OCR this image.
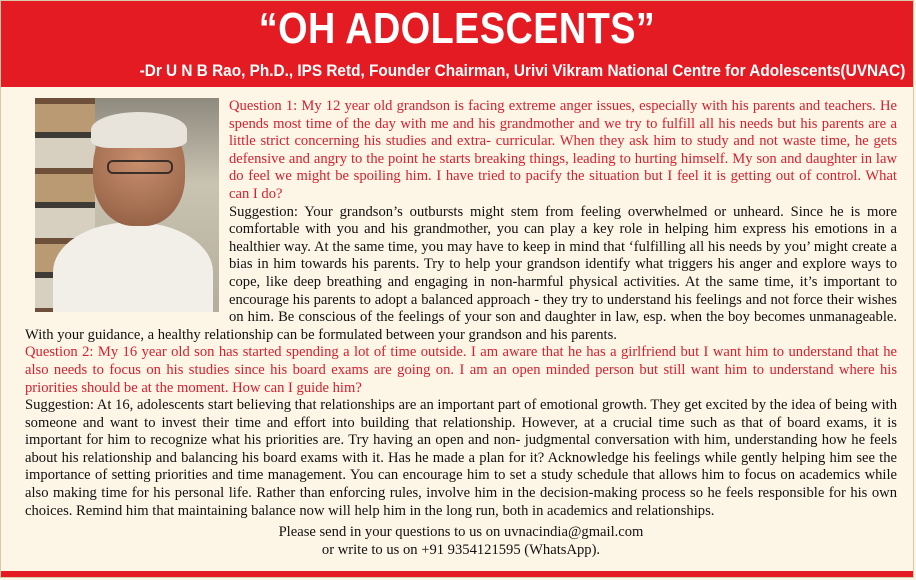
“OH ADOLESCENTS”
-Dr U N B Rao, Ph.D., IPS Retd, Founder Chairman, Urivi Vikram National Centre for Adolescents(UVNAC)
Question 1: My 12 year old grandson is facing extreme anger issues, especially with his parents and teachers. He spends most time of the day with me and his grandmother and we try to fulfill all his needs but his parents are a little strict concerning his studies and extra- curricular. When they ask him to study and not waste time, he gets defensive and angry to the point he starts breaking things, leading to hurting himself. My son and daughter in law do feel we might be spoiling him. I have tried to pacify the situation but I feel it is getting out of control. What can I do?
Suggestion: Your grandson’s outbursts might stem from feeling overwhelmed or unheard. Since he is more comfortable with you and his grandmother, you can play a key role in helping him express his emotions in a healthier way. At the same time, you may have to keep in mind that ‘fulfilling all his needs by you’ might create a bias in him towards his parents. Try to help your grandson identify what triggers his anger and explore ways to cope, like deep breathing and engaging in non-harmful physical activities. At the same time, it’s important to encourage his parents to adopt a balanced approach - they try to understand his feelings and not force their wishes on him. Be conscious of the feelings of your son and daughter in law, esp. when the boy becomes unmanageable. With your guidance, a healthy relationship can be formulated between your grandson and his parents.
Question 2: My 16 year old son has started spending a lot of time outside. I am aware that he has a girlfriend but I want him to understand that he also needs to focus on his studies since his board exams are going on. I am an open minded person but still want him to understand where his priorities should be at the moment. How can I guide him?
Suggestion: At 16, adolescents start believing that relationships are an important part of emotional growth. They get excited by the idea of being with someone and want to invest their time and effort into building that relationship. However, at a crucial time such as that of board exams, it is important for him to recognize what his priorities are. Try having an open and non- judgmental conversation with him, understanding how he feels about his relationship and balancing his board exams with it. Has he made a plan for it? Acknowledge his feelings while gently helping him see the importance of setting priorities and time management. You can encourage him to set a study schedule that allows him to focus on academics while also making time for his personal life. Rather than enforcing rules, involve him in the decision-making process so he feels responsible for his own choices. Remind him that maintaining balance now will help him in the long run, both in academics and relationships.
Please send in your questions to us on uvnacindia@gmail.com
or write to us on +91 9354121595 (WhatsApp).
